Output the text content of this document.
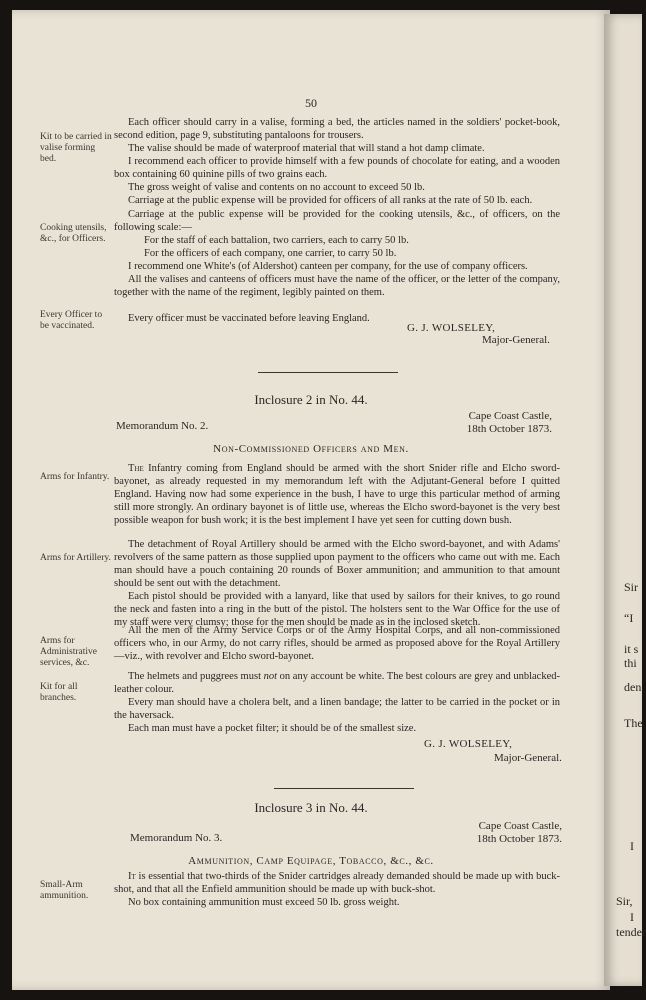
50
Kit to be carried in valise forming bed.

Each officer should carry in a valise, forming a bed, the articles named in the soldiers' pocket-book, second edition, page 9, substituting pantaloons for trousers.

The valise should be made of waterproof material that will stand a hot damp climate.

I recommend each officer to provide himself with a few pounds of chocolate for eating, and a wooden box containing 60 quinine pills of two grains each.

The gross weight of valise and contents on no account to exceed 50 lb.

Carriage at the public expense will be provided for officers of all ranks at the rate of 50 lb. each.

Cooking utensils, &c., for Officers.

Carriage at the public expense will be provided for the cooking utensils, &c., of officers, on the following scale:—

For the staff of each battalion, two carriers, each to carry 50 lb.

For the officers of each company, one carrier, to carry 50 lb.

I recommend one White's (of Aldershot) canteen per company, for the use of company officers.

All the valises and canteens of officers must have the name of the officer, or the letter of the company, together with the name of the regiment, legibly painted on them.

Every Officer to be vaccinated.

Every officer must be vaccinated before leaving England.

G. J. WOLSELEY,
Major-General.
Inclosure 2 in No. 44.
Memorandum No. 2.
Cape Coast Castle,
18th October 1873.
Non-Commissioned Officers and Men.
Arms for Infantry.

The Infantry coming from England should be armed with the short Snider rifle and Elcho sword-bayonet, as already requested in my memorandum left with the Adjutant-General before I quitted England. Having now had some experience in the bush, I have to urge this particular method of arming still more strongly. An ordinary bayonet is of little use, whereas the Elcho sword-bayonet is the very best possible weapon for bush work; it is the best implement I have yet seen for cutting down bush.

Arms for Artillery.

The detachment of Royal Artillery should be armed with the Elcho sword-bayonet, and with Adams' revolvers of the same pattern as those supplied upon payment to the officers who came out with me. Each man should have a pouch containing 20 rounds of Boxer ammunition; and ammunition to that amount should be sent out with the detachment.

Each pistol should be provided with a lanyard, like that used by sailors for their knives, to go round the neck and fasten into a ring in the butt of the pistol. The holsters sent to the War Office for the use of my staff were very clumsy; those for the men should be made as in the inclosed sketch.

Arms for Administrative services, &c.

All the men of the Army Service Corps or of the Army Hospital Corps, and all non-commissioned officers who, in our Army, do not carry rifles, should be armed as proposed above for the Royal Artillery —viz., with revolver and Elcho sword-bayonet.

Kit for all branches.

The helmets and puggrees must not on any account be white. The best colours are grey and unblacked-leather colour.

Every man should have a cholera belt, and a linen bandage; the latter to be carried in the pocket or in the haversack.

Each man must have a pocket filter; it should be of the smallest size.

G. J. WOLSELEY,
Major-General.
Inclosure 3 in No. 44.
Memorandum No. 3.
Cape Coast Castle,
18th October 1873.
Ammunition, Camp Equipage, Tobacco, &c., &c.
Small-Arm ammunition.

It is essential that two-thirds of the Snider cartridges already demanded should be made up with buck-shot, and that all the Enfield ammunition should be made up with buck-shot.

No box containing ammunition must exceed 50 lb. gross weight.

Sir
“I
it s
thi
den
The
I
Sir,
I
tender
